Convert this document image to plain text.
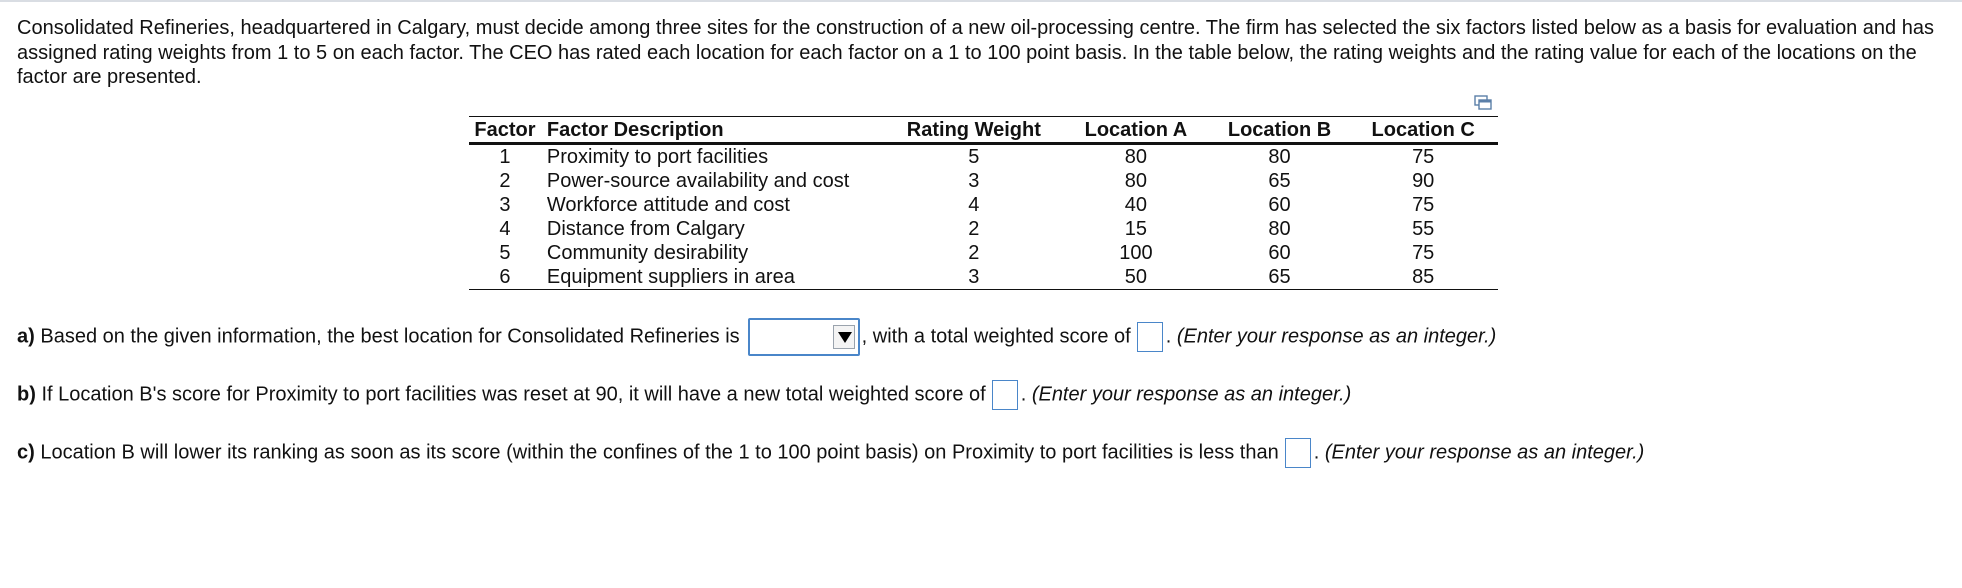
Consolidated Refineries, headquartered in Calgary, must decide among three sites for the construction of a new oil-processing centre. The firm has selected the six factors listed below as a basis for evaluation and has assigned rating weights from 1 to 5 on each factor. The CEO has rated each location for each factor on a 1 to 100 point basis. In the table below, the rating weights and the rating value for each of the locations on the factor are presented.

Factor	Factor Description	Rating Weight	Location A	Location B	Location C
1	Proximity to port facilities	5	80	80	75
2	Power-source availability and cost	3	80	65	90
3	Workforce attitude and cost	4	40	60	75
4	Distance from Calgary	2	15	80	55
5	Community desirability	2	100	60	75
6	Equipment suppliers in area	3	50	65	85
a) Based on the given information, the best location for Consolidated Refineries is	, with a total weighted score of . (Enter your response as an integer.)
b) If Location B's score for Proximity to port facilities was reset at 90, it will have a new total weighted score of . (Enter your response as an integer.)
c) Location B will lower its ranking as soon as its score (within the confines of the 1 to 100 point basis) on Proximity to port facilities is less than . (Enter your response as an integer.)
